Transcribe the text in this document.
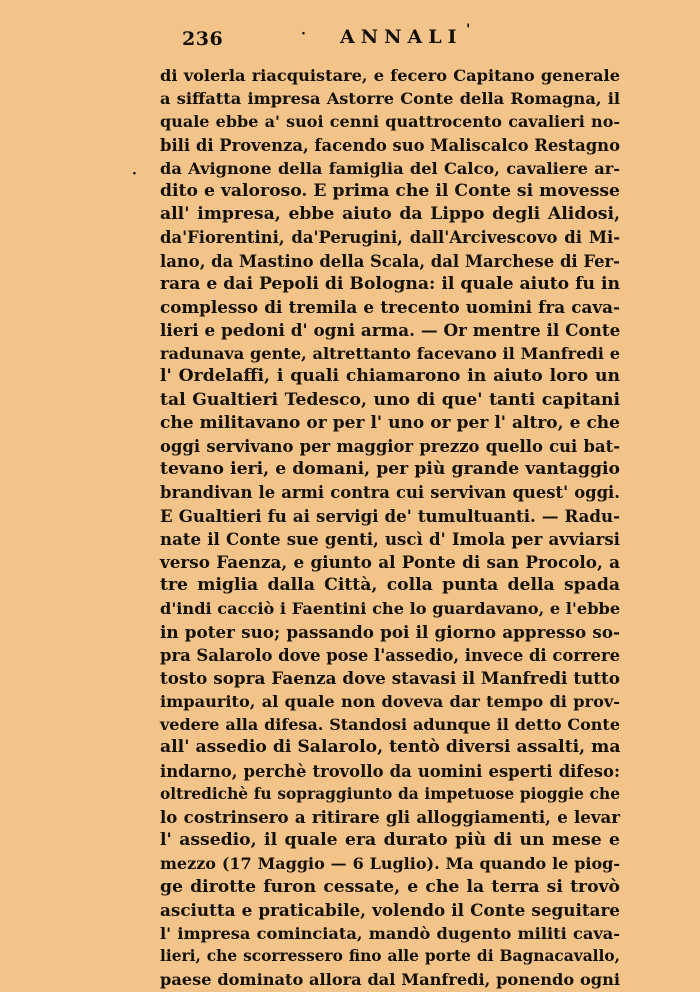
236	· ANNALI '
·
di volerla riacquistare, e fecero Capitano generale
a siffatta impresa Astorre Conte della Romagna, il
quale ebbe a' suoi cenni quattrocento cavalieri no-
bili di Provenza, facendo suo Maliscalco Restagno
da Avignone della famiglia del Calco, cavaliere ar-
dito e valoroso. E prima che il Conte si movesse
all' impresa, ebbe aiuto da Lippo degli Alidosi,
da'Fiorentini, da'Perugini, dall'Arcivescovo di Mi-
lano, da Mastino della Scala, dal Marchese di Fer-
rara e dai Pepoli di Bologna: il quale aiuto fu in
complesso di tremila e trecento uomini fra cava-
lieri e pedoni d' ogni arma. — Or mentre il Conte
radunava gente, altrettanto facevano il Manfredi e
l' Ordelaffi, i quali chiamarono in aiuto loro un
tal Gualtieri Tedesco, uno di que' tanti capitani
che militavano or per l' uno or per l' altro, e che
oggi servivano per maggior prezzo quello cui bat-
tevano ieri, e domani, per più grande vantaggio
brandivan le armi contra cui servivan quest' oggi.
E Gualtieri fu ai servigi de' tumultuanti. — Radu-
nate il Conte sue genti, uscì d' Imola per avviarsi
verso Faenza, e giunto al Ponte di san Procolo, a
tre miglia dalla Città, colla punta della spada
d'indi cacciò i Faentini che lo guardavano, e l'ebbe
in poter suo; passando poi il giorno appresso so-
pra Salarolo dove pose l'assedio, invece di correre
tosto sopra Faenza dove stavasi il Manfredi tutto
impaurito, al quale non doveva dar tempo di prov-
vedere alla difesa. Standosi adunque il detto Conte
all' assedio di Salarolo, tentò diversi assalti, ma
indarno, perchè trovollo da uomini esperti difeso:
oltredichè fu sopraggiunto da impetuose pioggie che
lo costrinsero a ritirare gli alloggiamenti, e levar
l' assedio, il quale era durato più di un mese e
mezzo (17 Maggio — 6 Luglio). Ma quando le piog-
ge dirotte furon cessate, e che la terra si trovò
asciutta e praticabile, volendo il Conte seguitare
l' impresa cominciata, mandò dugento militi cava-
lieri, che scorressero fino alle porte di Bagnacavallo,
paese dominato allora dal Manfredi, ponendo ogni
